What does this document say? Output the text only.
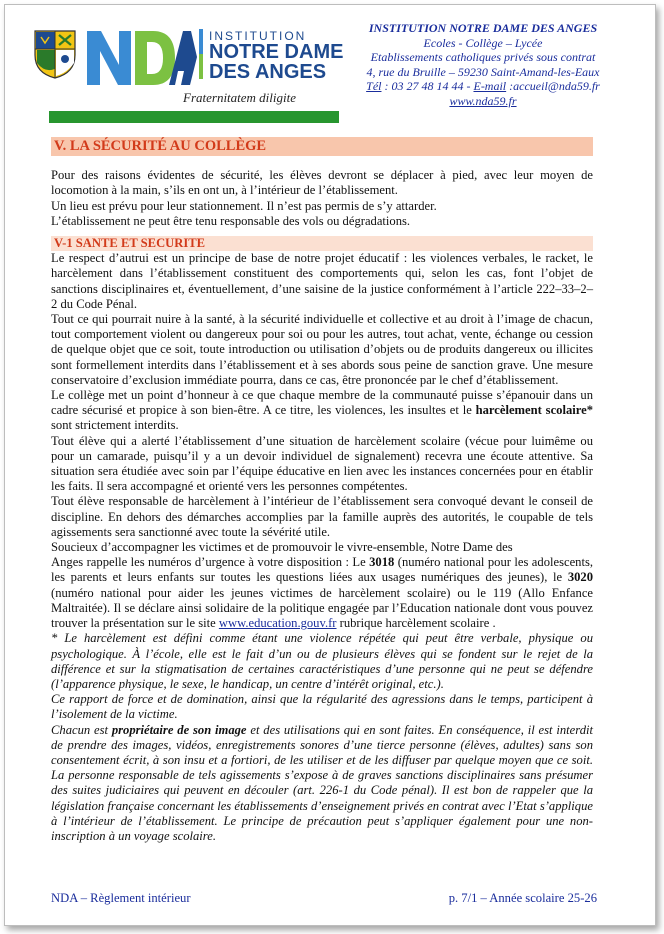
INSTITUTION
NOTRE DAME
DES ANGES
Fraternitatem diligite
INSTITUTION NOTRE DAME DES ANGES
Ecoles - Collège – Lycée
Etablissements catholiques privés sous contrat
4, rue du Bruille – 59230 Saint-Amand-les-Eaux
Tél : 03 27 48 14 44 - E-mail :accueil@nda59.fr
www.nda59.fr
V. LA SÉCURITÉ AU COLLÈGE

Pour des raisons évidentes de sécurité, les élèves devront se déplacer à pied, avec leur moyen de locomotion à la main, s’ils en ont un, à l’intérieur de l’établissement.

Un lieu est prévu pour leur stationnement. Il n’est pas permis de s’y attarder.

L’établissement ne peut être tenu responsable des vols ou dégradations.

V-1 SANTE ET SECURITE

Le respect d’autrui est un principe de base de notre projet éducatif : les violences verbales, le racket, le harcèlement dans l’établissement constituent des comportements qui, selon les cas, font l’objet de sanctions disciplinaires et, éventuellement, d’une saisine de la justice conformément à l’article 222–33–2– 2 du Code Pénal.

Tout ce qui pourrait nuire à la santé, à la sécurité individuelle et collective et au droit à l’image de chacun, tout comportement violent ou dangereux pour soi ou pour les autres, tout achat, vente, échange ou cession de quelque objet que ce soit, toute introduction ou utilisation d’objets ou de produits dangereux ou illicites sont formellement interdits dans l’établissement et à ses abords sous peine de sanction grave. Une mesure conservatoire d’exclusion immédiate pourra, dans ce cas, être prononcée par le chef d’établissement.

Le collège met un point d’honneur à ce que chaque membre de la communauté puisse s’épanouir dans un cadre sécurisé et propice à son bien-être. A ce titre, les violences, les insultes et le harcèlement scolaire* sont strictement interdits.

Tout élève qui a alerté l’établissement d’une situation de harcèlement scolaire (vécue pour luimême ou pour un camarade, puisqu’il y a un devoir individuel de signalement) recevra une écoute attentive. Sa situation sera étudiée avec soin par l’équipe éducative en lien avec les instances concernées pour en établir les faits. Il sera accompagné et orienté vers les personnes compétentes.

Tout élève responsable de harcèlement à l’intérieur de l’établissement sera convoqué devant le conseil de discipline. En dehors des démarches accomplies par la famille auprès des autorités, le coupable de tels agissements sera sanctionné avec toute la sévérité utile.

Soucieux d’accompagner les victimes et de promouvoir le vivre-ensemble, Notre Dame des

Anges rappelle les numéros d’urgence à votre disposition : Le 3018 (numéro national pour les adolescents, les parents et leurs enfants sur toutes les questions liées aux usages numériques des jeunes), le 3020 (numéro national pour aider les jeunes victimes de harcèlement scolaire) ou le 119 (Allo Enfance Maltraitée). Il se déclare ainsi solidaire de la politique engagée par l’Education nationale dont vous pouvez trouver la présentation sur le site www.education.gouv.fr rubrique harcèlement scolaire .

* Le harcèlement est défini comme étant une violence répétée qui peut être verbale, physique ou psychologique. À l’école, elle est le fait d’un ou de plusieurs élèves qui se fondent sur le rejet de la différence et sur la stigmatisation de certaines caractéristiques d’une personne qui ne peut se défendre (l’apparence physique, le sexe, le handicap, un centre d’intérêt original, etc.).

Ce rapport de force et de domination, ainsi que la régularité des agressions dans le temps, participent à l’isolement de la victime.

Chacun est propriétaire de son image et des utilisations qui en sont faites. En conséquence, il est interdit de prendre des images, vidéos, enregistrements sonores d’une tierce personne (élèves, adultes) sans son consentement écrit, à son insu et a fortiori, de les utiliser et de les diffuser par quelque moyen que ce soit. La personne responsable de tels agissements s’expose à de graves sanctions disciplinaires sans présumer des suites judiciaires qui peuvent en découler (art. 226-1 du Code pénal). Il est bon de rappeler que la législation française concernant les établissements d’enseignement privés en contrat avec l’Etat s’applique à l’intérieur de l’établissement. Le principe de précaution peut s’appliquer également pour une non-inscription à un voyage scolaire.

NDA – Règlement intérieur	p. 7/1 – Année scolaire 25-26
